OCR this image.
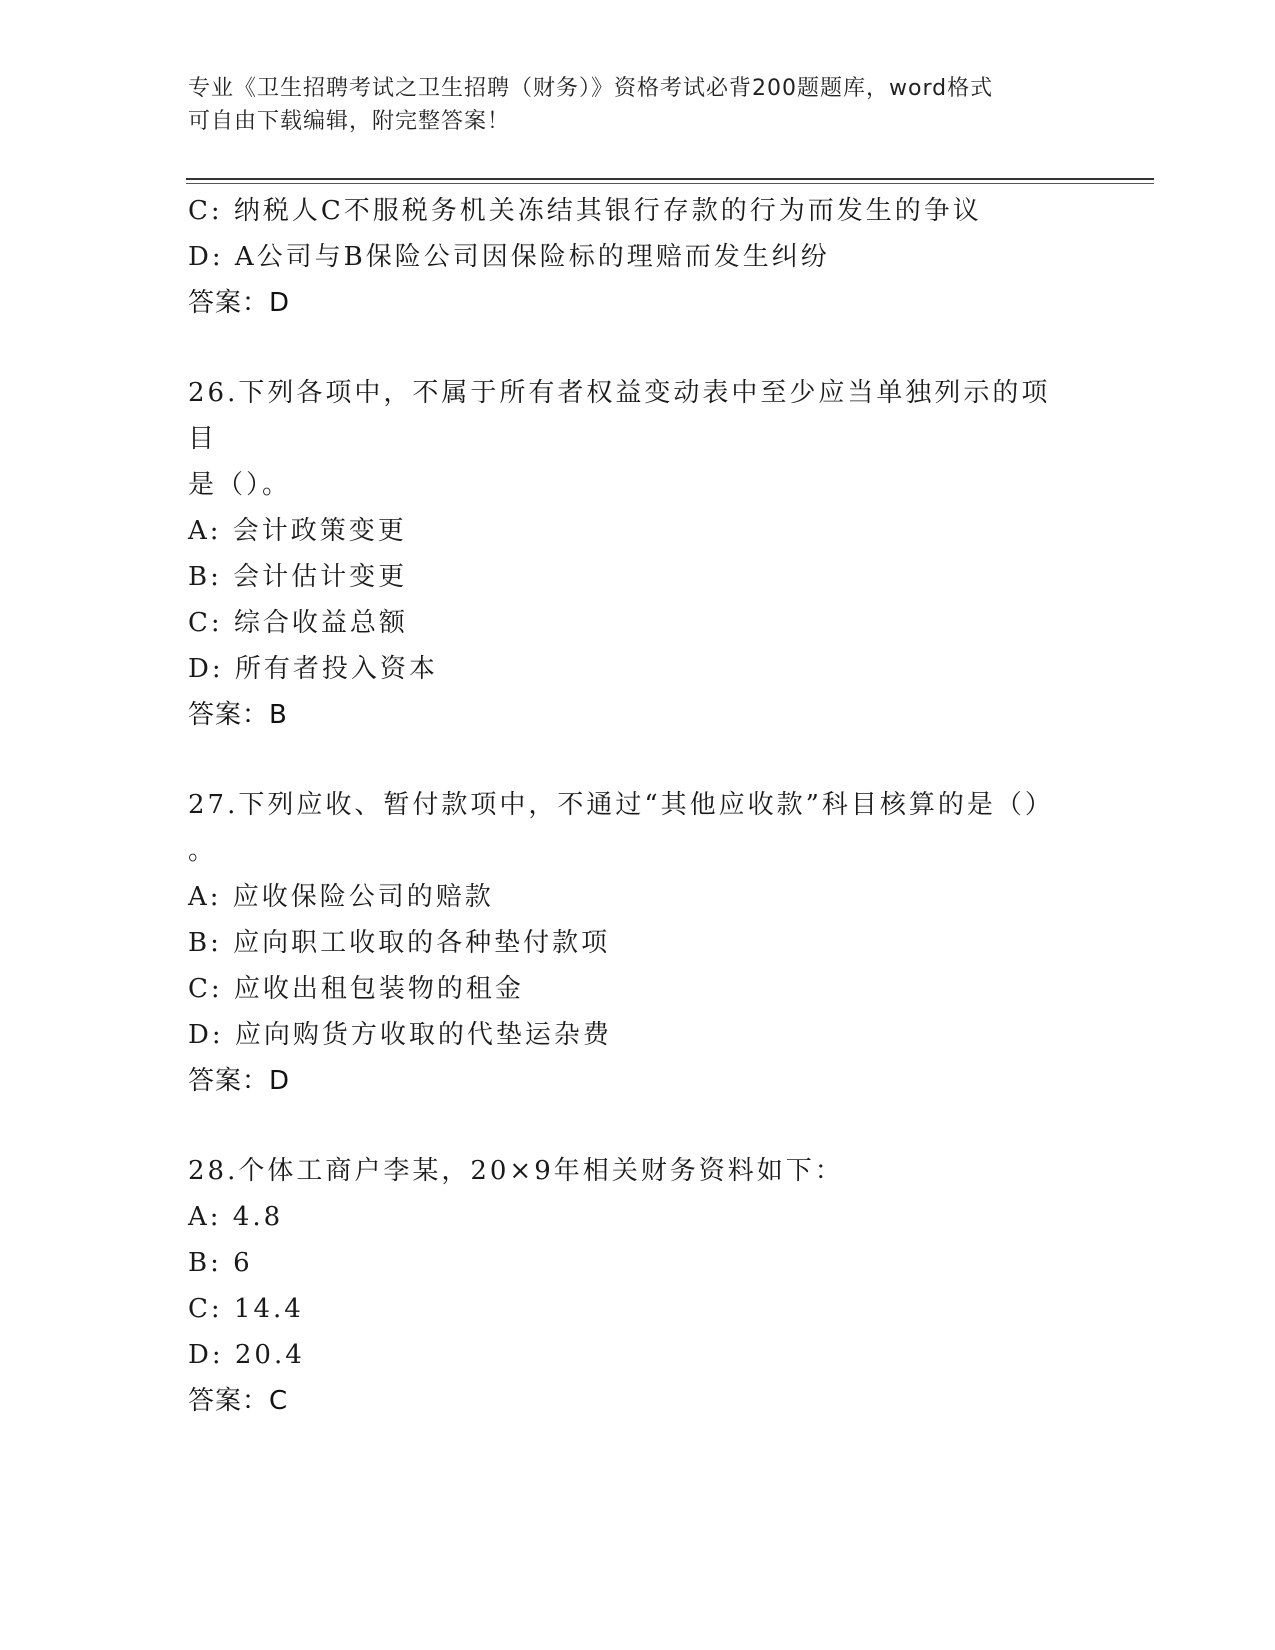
专业《卫生招聘考试之卫生招聘（财务）》资格考试必背200题题库，word格式
可自由下载编辑，附完整答案！
C: 纳税人C不服税务机关冻结其银行存款的行为而发生的争议
D: A公司与B保险公司因保险标的理赔而发生纠纷
答案：D
26.下列各项中，不属于所有者权益变动表中至少应当单独列示的项目
是（）。
A: 会计政策变更
B: 会计估计变更
C: 综合收益总额
D: 所有者投入资本
答案：B
27.下列应收、暂付款项中，不通过“其他应收款”科目核算的是（）
。
A: 应收保险公司的赔款
B: 应向职工收取的各种垫付款项
C: 应收出租包装物的租金
D: 应向购货方收取的代垫运杂费
答案：D
28.个体工商户李某，20×9年相关财务资料如下：
A: 4.8
B: 6
C: 14.4
D: 20.4
答案：C
